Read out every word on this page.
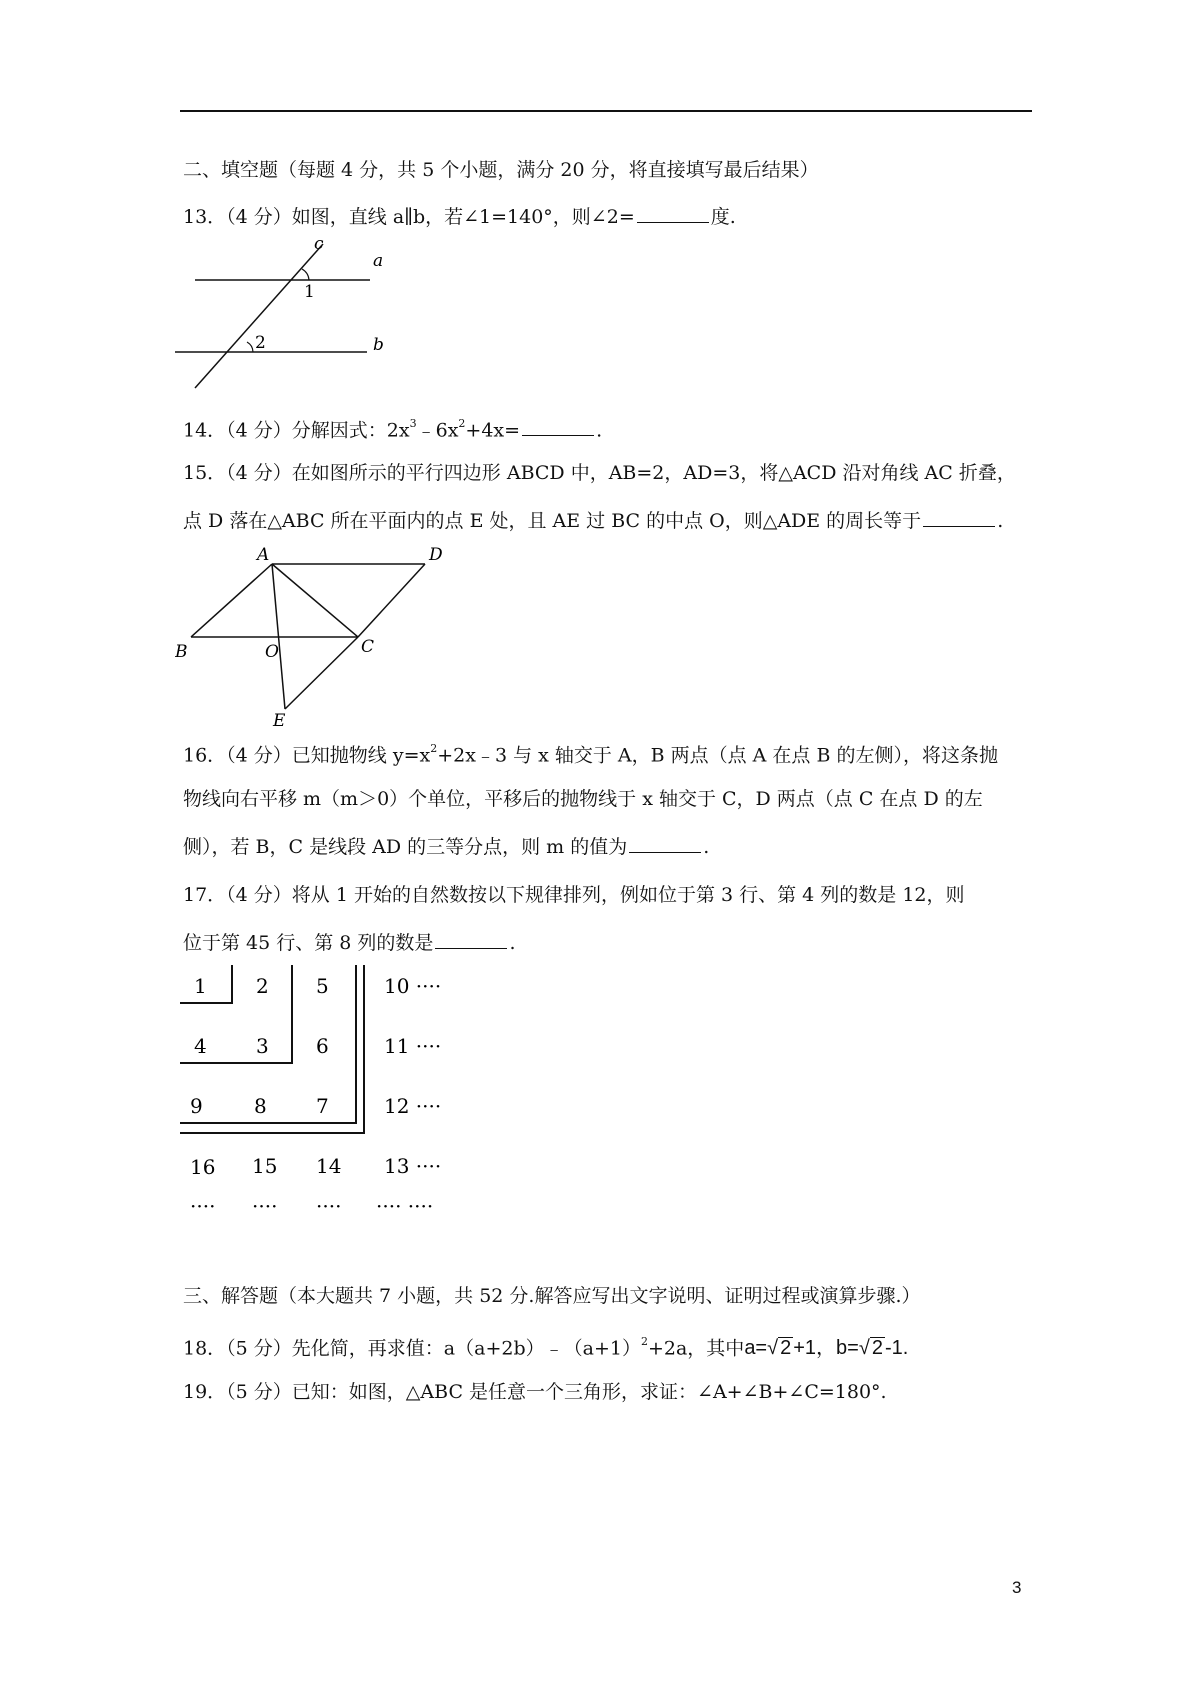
二、填空题（每题 4 分，共 5 个小题，满分 20 分，将直接填写最后结果）
13．（4 分）如图，直线 a∥b，若∠1=140°，则∠2=	度.
c
a
b
1
2
14．（4 分）分解因式：$2x^3﹣6x^2+4x=$	.
15．（4 分）在如图所示的平行四边形 ABCD 中，AB=2，AD=3，将△ACD 沿对角线 AC 折叠，
点 D 落在△ABC 所在平面内的点 E 处，且 AE 过 BC 的中点 O，则△ADE 的周长等于	.
A	D
B	O	C
E
16．（4 分）已知抛物线 $y=x^2+2x﹣3$ 与 x 轴交于 A，B 两点（点 A 在点 B 的左侧），将这条抛
物线向右平移 m（m＞0）个单位，平移后的抛物线于 x 轴交于 C，D 两点（点 C 在点 D 的左
侧），若 B，C 是线段 AD 的三等分点，则 m 的值为	.
17．（4 分）将从 1 开始的自然数按以下规律排列，例如位于第 3 行、第 4 列的数是 12，则
位于第 45 行、第 8 列的数是	.
1 2 5	10 ····
4 3 6	11 ····
9	8 7	12 ····
16 15 14 13 ····
···· ···· ···· ···· ····
三、解答题（本大题共 7 小题，共 52 分.解答应写出文字说明、证明过程或演算步骤.）
18．（5 分）先化简，再求值：$a(a+2b)﹣(a+1)^2+2a$，其中a=√ 2 +1，b=√ 2 -1.
19．（5 分）已知：如图，△ABC 是任意一个三角形，求证：∠A+∠B+∠C=180°.
3
